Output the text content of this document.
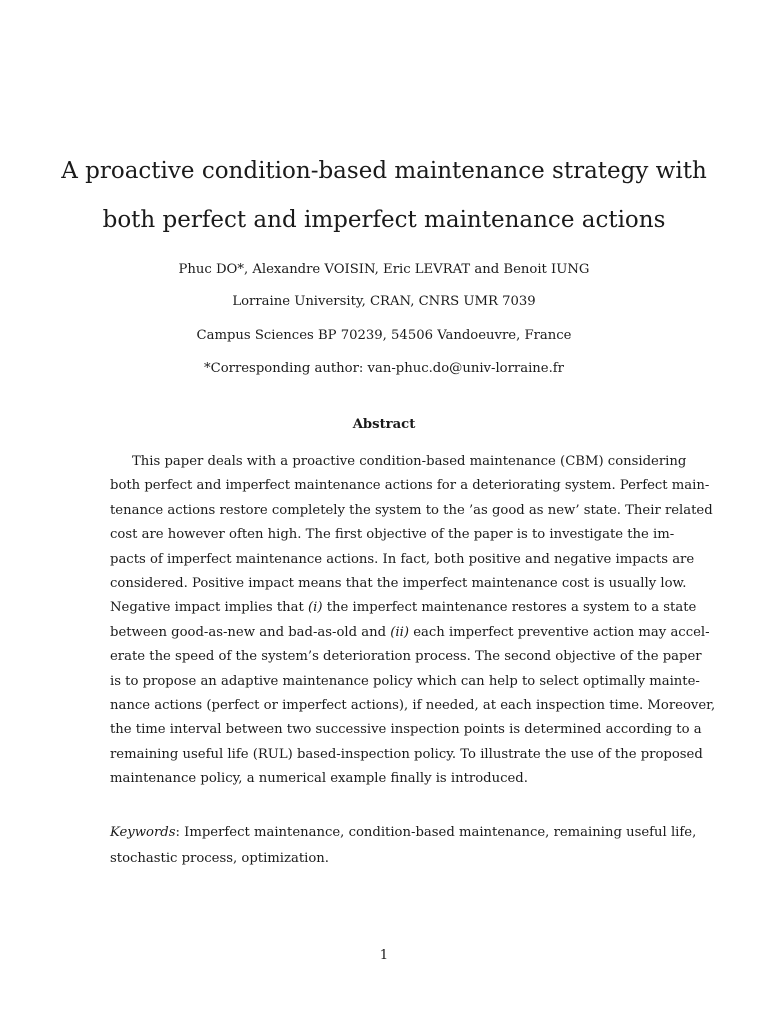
A proactive condition-based maintenance strategy with
both perfect and imperfect maintenance actions

Phuc DO*, Alexandre VOISIN, Eric LEVRAT and Benoit IUNG

Lorraine University, CRAN, CNRS UMR 7039

Campus Sciences BP 70239, 54506 Vandoeuvre, France

*Corresponding author: van-phuc.do@univ-lorraine.fr

Abstract
This paper deals with a proactive condition-based maintenance (CBM) considering
both perfect and imperfect maintenance actions for a deteriorating system. Perfect main-
tenance actions restore completely the system to the ’as good as new’ state. Their related
cost are however often high. The first objective of the paper is to investigate the im-
pacts of imperfect maintenance actions. In fact, both positive and negative impacts are
considered. Positive impact means that the imperfect maintenance cost is usually low.
Negative impact implies that (i) the imperfect maintenance restores a system to a state
between good-as-new and bad-as-old and (ii) each imperfect preventive action may accel-
erate the speed of the system’s deterioration process. The second objective of the paper
is to propose an adaptive maintenance policy which can help to select optimally mainte-
nance actions (perfect or imperfect actions), if needed, at each inspection time. Moreover,
the time interval between two successive inspection points is determined according to a
remaining useful life (RUL) based-inspection policy. To illustrate the use of the proposed
maintenance policy, a numerical example finally is introduced.
Keywords: Imperfect maintenance, condition-based maintenance, remaining useful life,
stochastic process, optimization.

1
